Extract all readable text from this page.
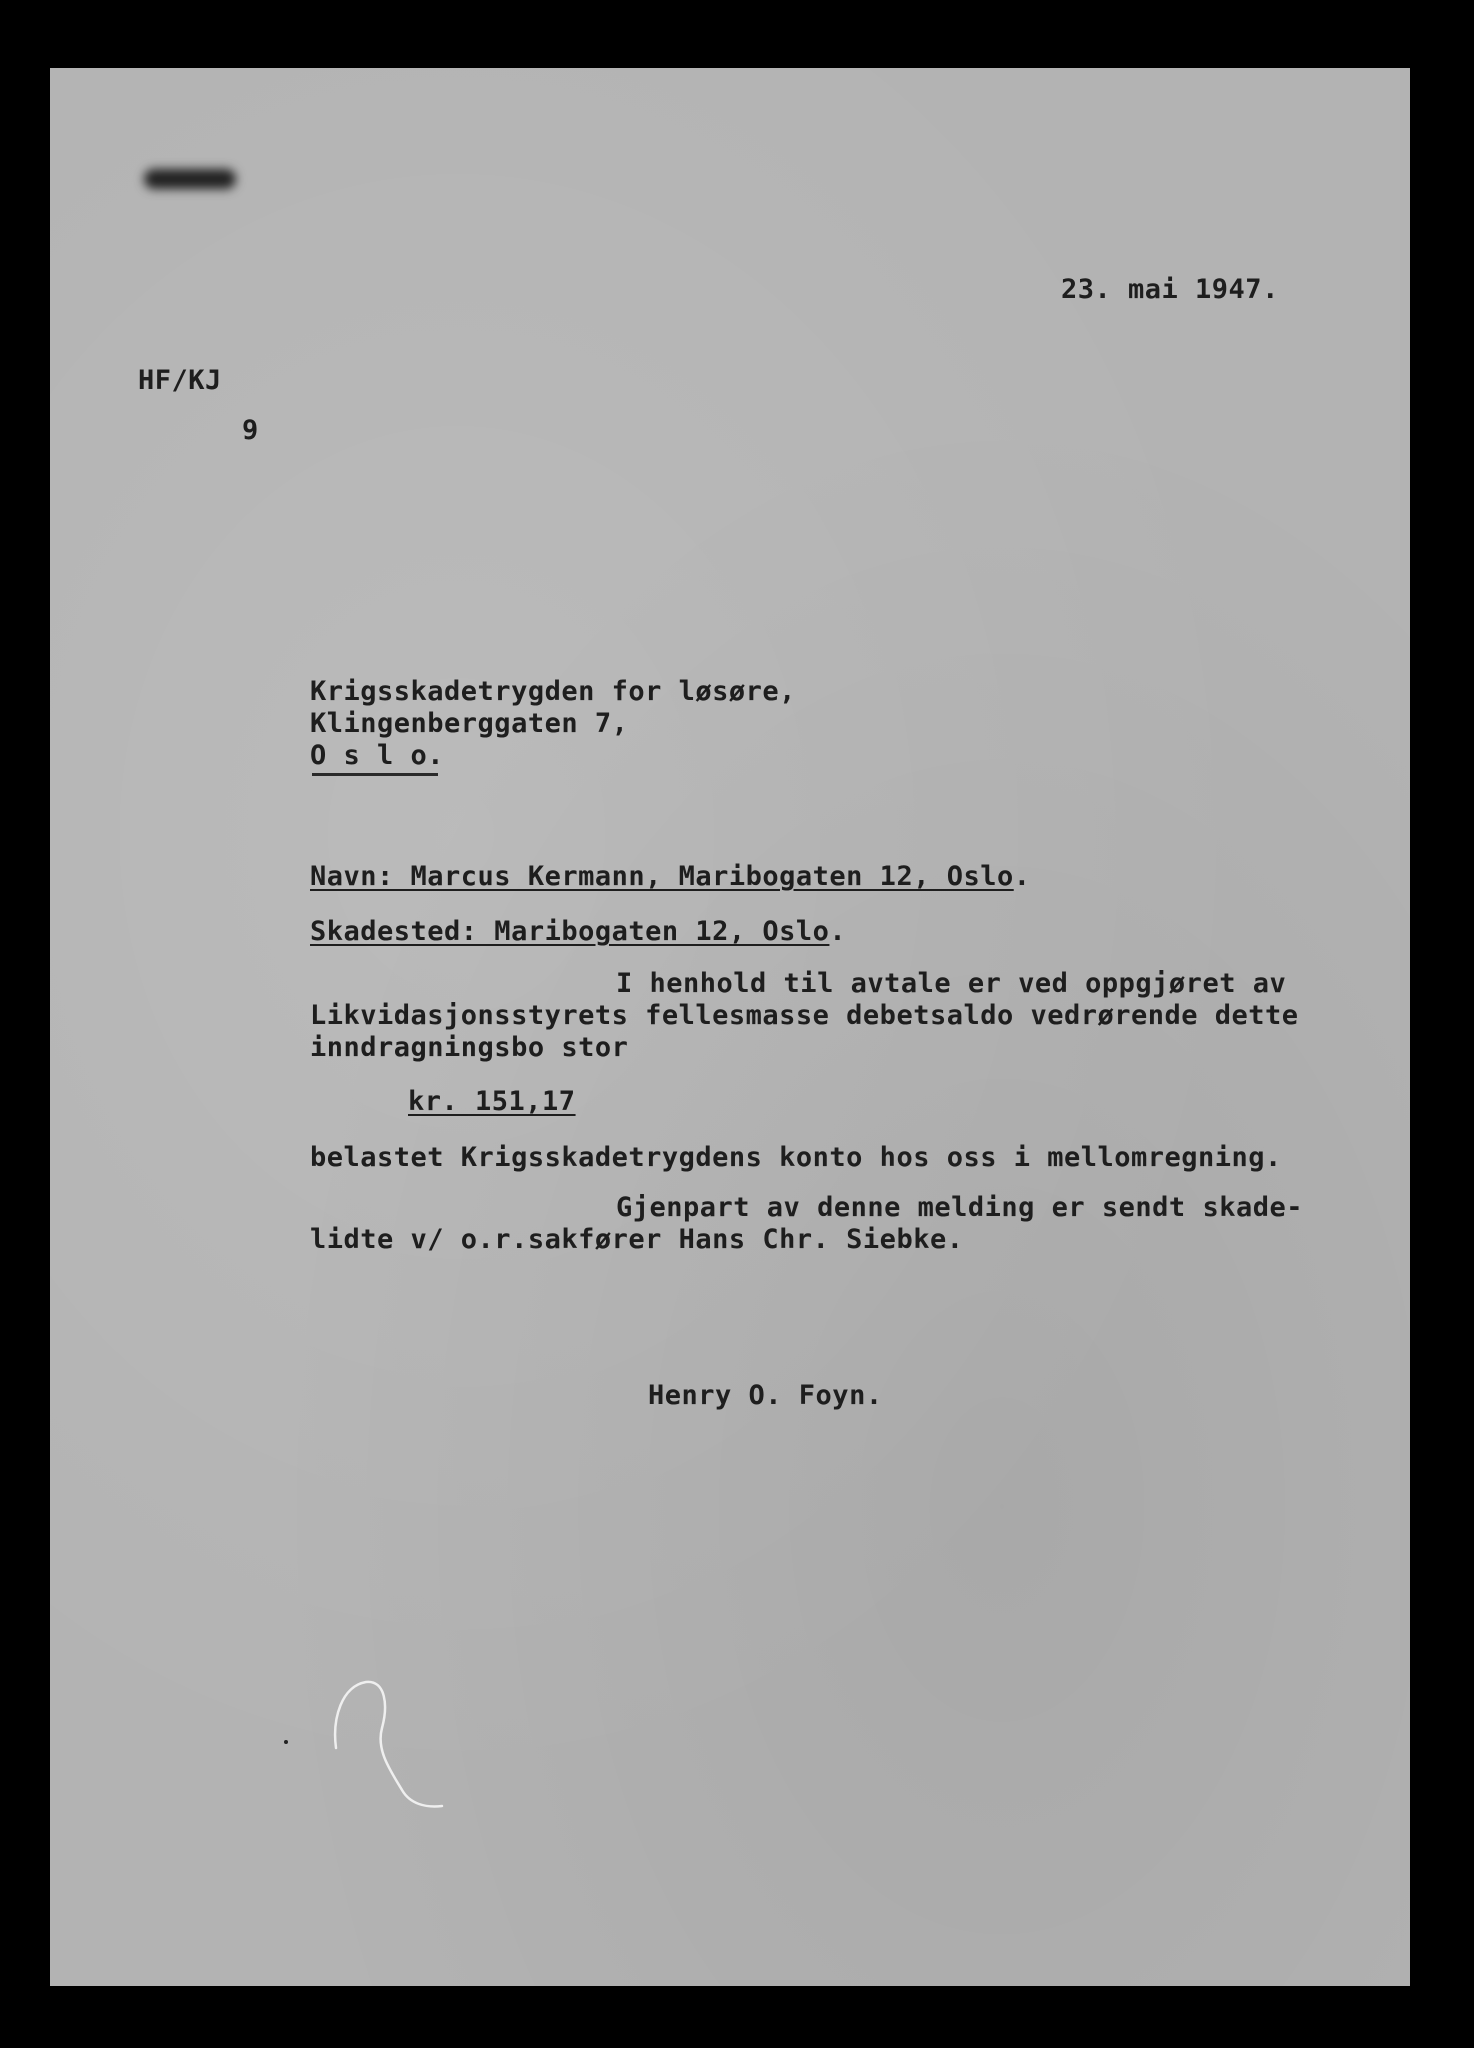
23. mai 1947.
HF/KJ
9
Krigsskadetrygden for løsøre,
Klingenberggaten 7,
O s l o.
Navn: Marcus Kermann, Maribogaten 12, Oslo.
Skadested: Maribogaten 12, Oslo.
I henhold til avtale er ved oppgjøret av
Likvidasjonsstyrets fellesmasse debetsaldo vedrørende dette
inndragningsbo stor
kr. 151,17
belastet Krigsskadetrygdens konto hos oss i mellomregning.
Gjenpart av denne melding er sendt skade-
lidte v/ o.r.sakfører Hans Chr. Siebke.
Henry O. Foyn.
